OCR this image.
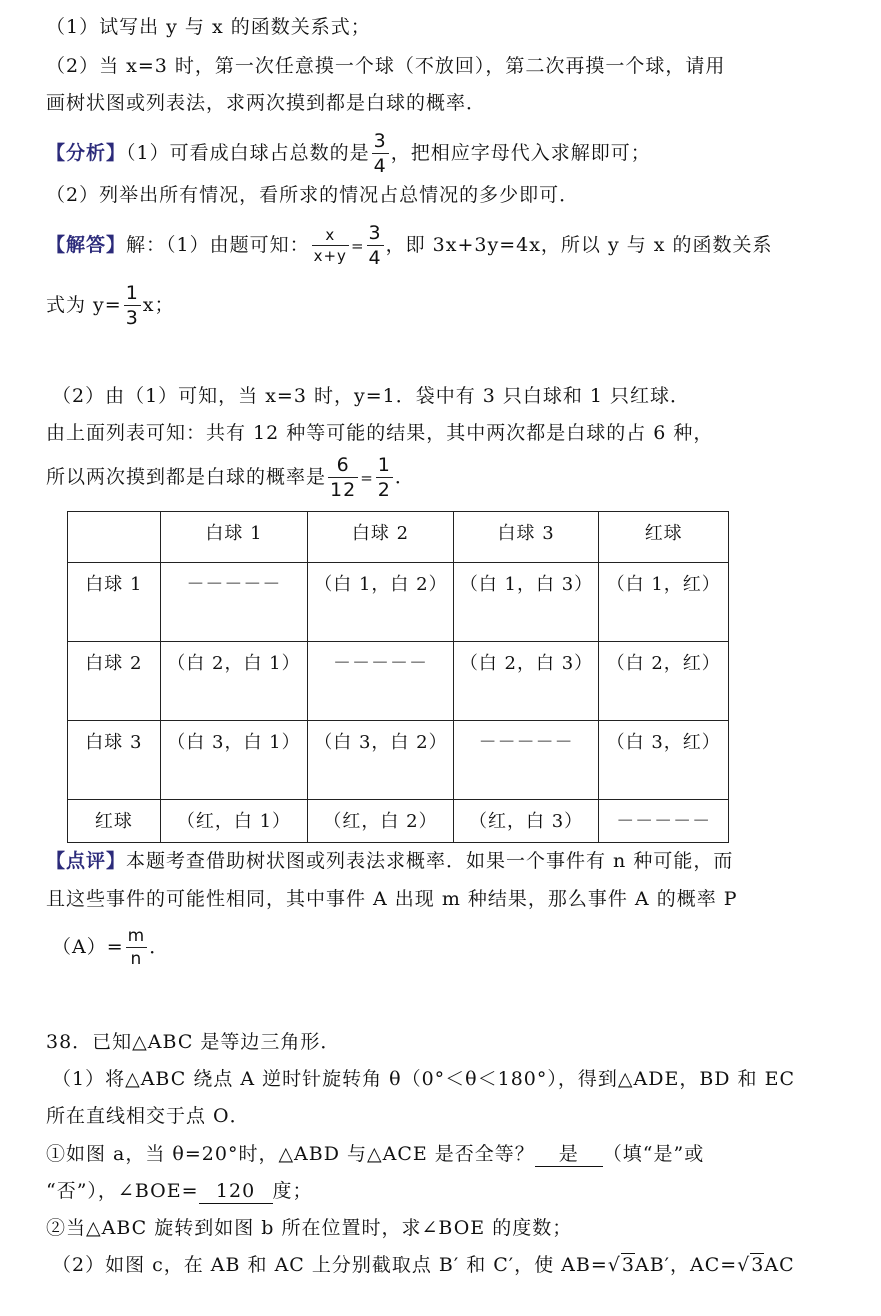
（1）试写出 y 与 x 的函数关系式；
（2）当 x=3 时，第一次任意摸一个球（不放回），第二次再摸一个球，请用
画树状图或列表法，求两次摸到都是白球的概率．
【分析】（1）可看成白球占总数的是 $\frac{3}{4}$ ，把相应字母代入求解即可；
（2）列举出所有情况，看所求的情况占总情况的多少即可．
【解答】解：（1）由题可知： $\frac{x}{x+y} = \frac{3}{4}$ ，即 3x+3y=4x，所以 y 与 x 的函数关系
式为 $y= \frac{1}{3}$ x；
（2）由（1）可知，当 x=3 时，y=1．袋中有 3 只白球和 1 只红球．
由上面列表可知：共有 12 种等可能的结果，其中两次都是白球的占 6 种，
所以两次摸到都是白球的概率是 $\frac{6}{12} = \frac{1}{2}$ ．
	白球 1	白球 2	白球 3	红球
白球 1	－－－－－	（白 1，白 2）	（白 1，白 3）	（白 1，红）
白球 2	（白 2，白 1）	－－－－－	（白 2，白 3）	（白 2，红）
白球 3	（白 3，白 1）	（白 3，白 2）	－－－－－	（白 3，红）
红球	（红，白 1）	（红，白 2）	（红，白 3）	－－－－－
【点评】本题考查借助树状图或列表法求概率．如果一个事件有 n 种可能，而
且这些事件的可能性相同，其中事件 A 出现 m 种结果，那么事件 A 的概率 P
$(A)= \frac{m}{n}$ ．
38．已知△ABC 是等边三角形．
（1）将△ABC 绕点 A 逆时针旋转角 θ（0°＜θ＜180°），得到△ADE，BD 和 EC
所在直线相交于点 O．
①如图 a，当 θ=20°时，△ABD 与△ACE 是否全等？ 是 （填“是”或
“否”），∠BOE= 120 度；
②当△ABC 旋转到如图 b 所在位置时，求∠BOE 的度数；
（2）如图 c，在 AB 和 AC 上分别截取点 B′ 和 C′，使 AB=√3AB′，AC=√3AC
